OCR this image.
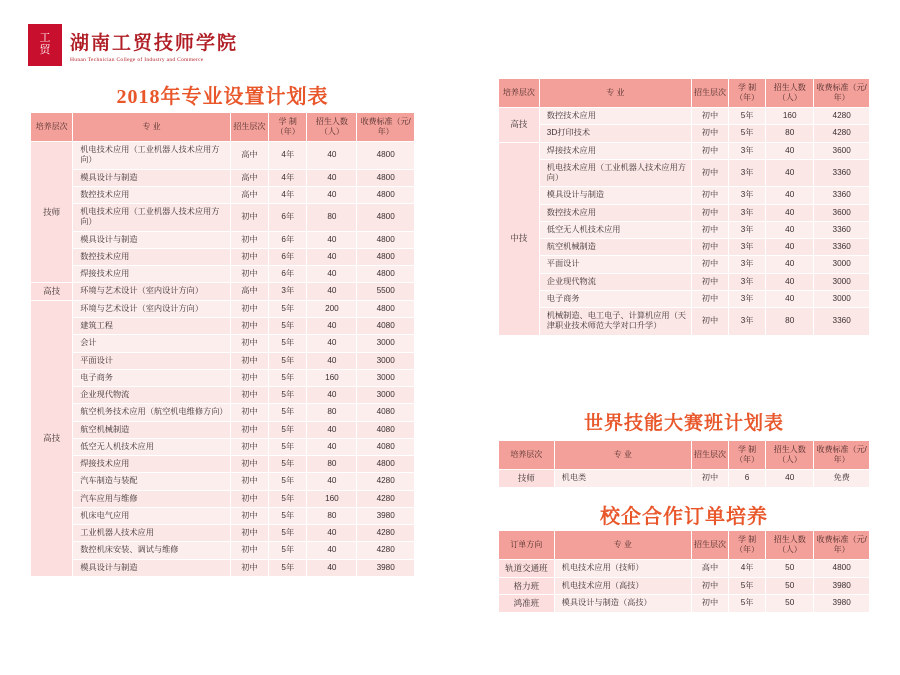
工
贸 湖南工贸技师学院
Hunan Technician College of Industry and Commerce
2018年专业设置计划表
培养层次	专 业	招生层次	学 制（年）	招生人数（人）	收费标准（元/年）
技师	机电技术应用（工业机器人技术应用方向）	高中	4年	40	4800
	模具设计与制造	高中	4年	40	4800
	数控技术应用	高中	4年	40	4800
	机电技术应用（工业机器人技术应用方向）	初中	6年	80	4800
	模具设计与制造	初中	6年	40	4800
	数控技术应用	初中	6年	40	4800
	焊接技术应用	初中	6年	40	4800
高技	环境与艺术设计（室内设计方向）	高中	3年	40	5500
高技	环境与艺术设计（室内设计方向）	初中	5年	200	4800
	建筑工程	初中	5年	40	4080
	会计	初中	5年	40	3000
	平面设计	初中	5年	40	3000
	电子商务	初中	5年	160	3000
	企业现代物流	初中	5年	40	3000
	航空机务技术应用（航空机电维修方向）	初中	5年	80	4080
	航空机械制造	初中	5年	40	4080
	低空无人机技术应用	初中	5年	40	4080
	焊接技术应用	初中	5年	80	4800
	汽车制造与装配	初中	5年	40	4280
	汽车应用与维修	初中	5年	160	4280
	机床电气应用	初中	5年	80	3980
	工业机器人技术应用	初中	5年	40	4280
	数控机床安装、调试与维修	初中	5年	40	4280
	模具设计与制造	初中	5年	40	3980
培养层次	专 业	招生层次	学 制（年）	招生人数（人）	收费标准（元/年）
高技	数控技术应用	初中	5年	160	4280
	3D打印技术	初中	5年	80	4280
中技	焊接技术应用	初中	3年	40	3600
	机电技术应用（工业机器人技术应用方向）	初中	3年	40	3360
	模具设计与制造	初中	3年	40	3360
	数控技术应用	初中	3年	40	3600
	低空无人机技术应用	初中	3年	40	3360
	航空机械制造	初中	3年	40	3360
	平面设计	初中	3年	40	3000
	企业现代物流	初中	3年	40	3000
	电子商务	初中	3年	40	3000
	机械制造、电工电子、计算机应用（天津职业技术师范大学对口升学）	初中	3年	80	3360
世界技能大赛班计划表
培养层次	专 业	招生层次	学 制（年）	招生人数（人）	收费标准（元/年）
技师	机电类	初中	6	40	免费
校企合作订单培养
订单方向	专 业	招生层次	学 制（年）	招生人数（人）	收费标准（元/年）
轨道交通班	机电技术应用（技师）	高中	4年	50	4800
格力班	机电技术应用（高技）	初中	5年	50	3980
鸿准班	模具设计与制造（高技）	初中	5年	50	3980
